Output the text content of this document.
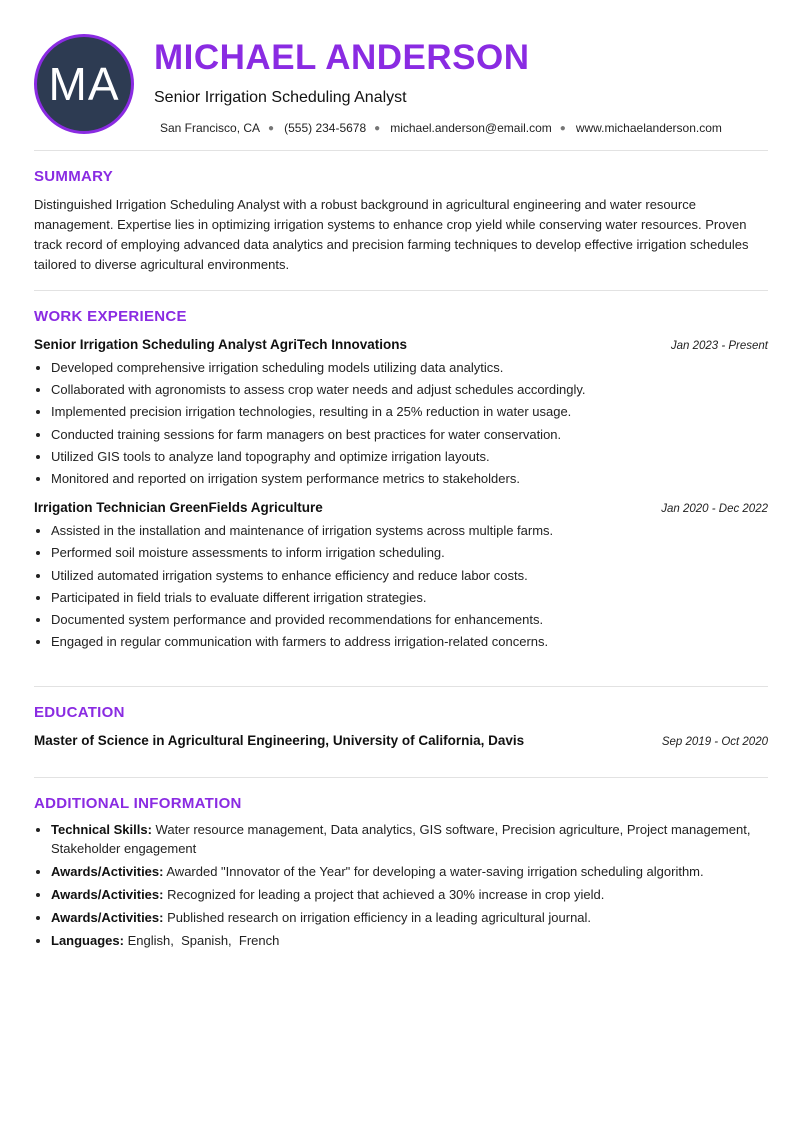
MA
MICHAEL ANDERSON
Senior Irrigation Scheduling Analyst
San Francisco, CA ● (555) 234-5678 ● michael.anderson@email.com ● www.michaelanderson.com
SUMMARY

Distinguished Irrigation Scheduling Analyst with a robust background in agricultural engineering and water resource management. Expertise lies in optimizing irrigation systems to enhance crop yield while conserving water resources. Proven track record of employing advanced data analytics and precision farming techniques to develop effective irrigation schedules tailored to diverse agricultural environments.

WORK EXPERIENCE
Senior Irrigation Scheduling Analyst AgriTech Innovations	Jan 2023 - Present
• Developed comprehensive irrigation scheduling models utilizing data analytics.
• Collaborated with agronomists to assess crop water needs and adjust schedules accordingly.
• Implemented precision irrigation technologies, resulting in a 25% reduction in water usage.
• Conducted training sessions for farm managers on best practices for water conservation.
• Utilized GIS tools to analyze land topography and optimize irrigation layouts.
• Monitored and reported on irrigation system performance metrics to stakeholders.
Irrigation Technician GreenFields Agriculture	Jan 2020 - Dec 2022
• Assisted in the installation and maintenance of irrigation systems across multiple farms.
• Performed soil moisture assessments to inform irrigation scheduling.
• Utilized automated irrigation systems to enhance efficiency and reduce labor costs.
• Participated in field trials to evaluate different irrigation strategies.
• Documented system performance and provided recommendations for enhancements.
• Engaged in regular communication with farmers to address irrigation-related concerns.
EDUCATION
Master of Science in Agricultural Engineering, University of California, Davis	Sep 2019 - Oct 2020
ADDITIONAL INFORMATION
• Technical Skills: Water resource management, Data analytics, GIS software, Precision agriculture, Project management, Stakeholder engagement
• Awards/Activities: Awarded "Innovator of the Year" for developing a water-saving irrigation scheduling algorithm.
• Awards/Activities: Recognized for leading a project that achieved a 30% increase in crop yield.
• Awards/Activities: Published research on irrigation efficiency in a leading agricultural journal.
• Languages: English,  Spanish,  French
